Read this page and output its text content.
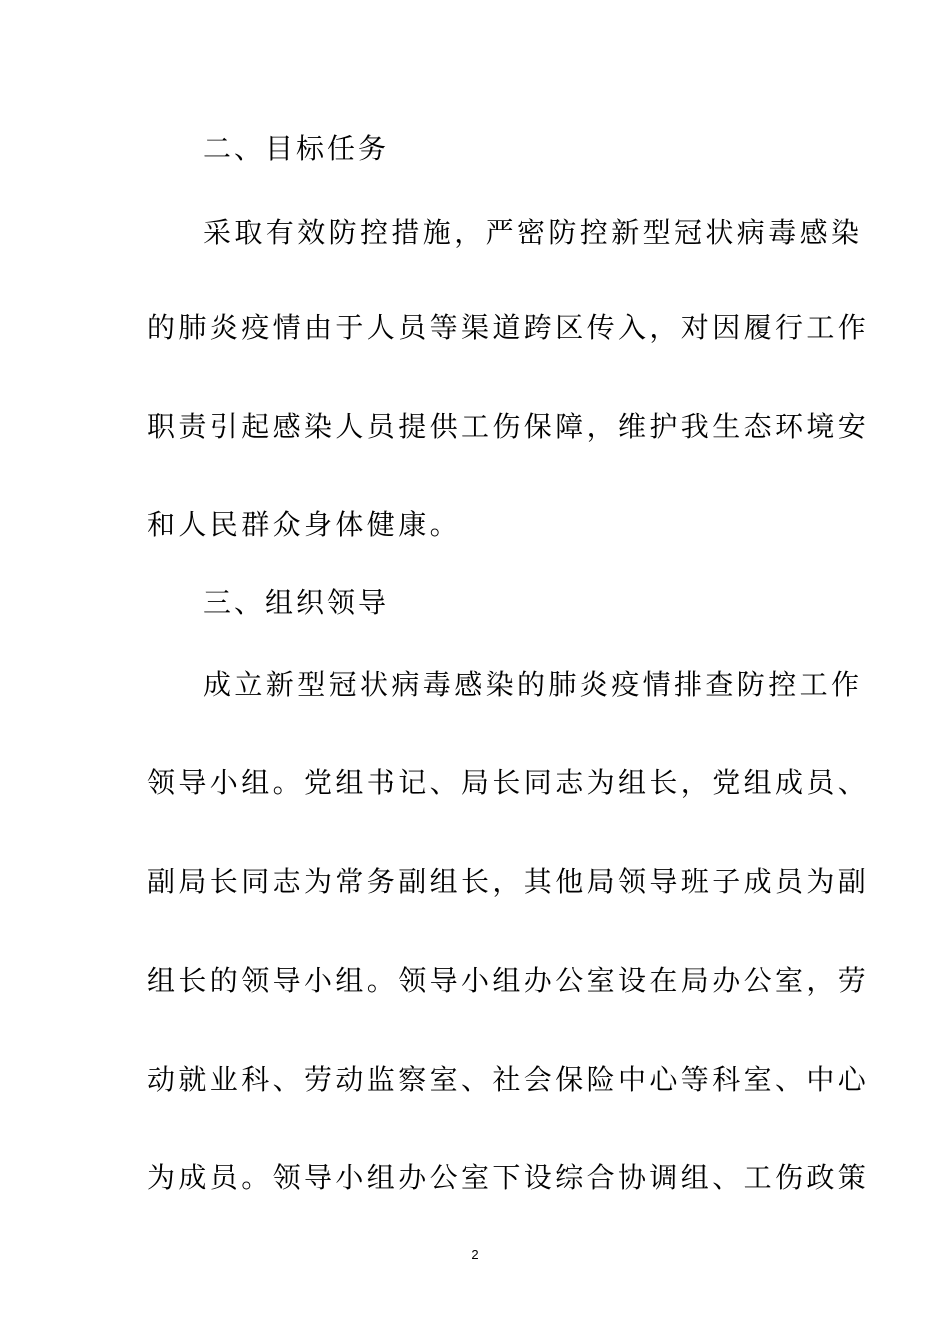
二、目标任务
采取有效防控措施，严密防控新型冠状病毒感染
的肺炎疫情由于人员等渠道跨区传入，对因履行工作
职责引起感染人员提供工伤保障，维护我生态环境安
和人民群众身体健康。
三、组织领导
成立新型冠状病毒感染的肺炎疫情排查防控工作
领导小组。党组书记、局长同志为组长，党组成员、
副局长同志为常务副组长，其他局领导班子成员为副
组长的领导小组。领导小组办公室设在局办公室，劳
动就业科、劳动监察室、社会保险中心等科室、中心
为成员。领导小组办公室下设综合协调组、工伤政策
2
